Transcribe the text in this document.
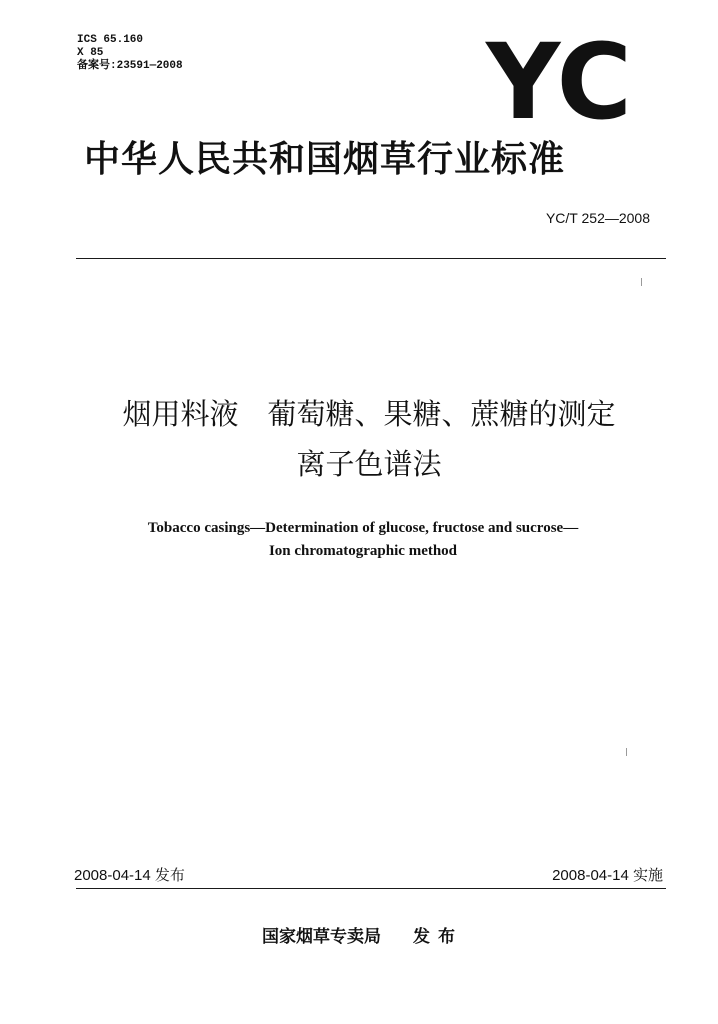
ICS 65.160
X 85
备案号:23591—2008	YC
中华人民共和国烟草行业标准
YC/T 252—2008
烟用料液　葡萄糖、果糖、蔗糖的测定
离子色谱法
Tobacco casings—Determination of glucose, fructose and sucrose—
Ion chromatographic method
2008-04-14 发布	2008-04-14 实施
国家烟草专卖局 发布
